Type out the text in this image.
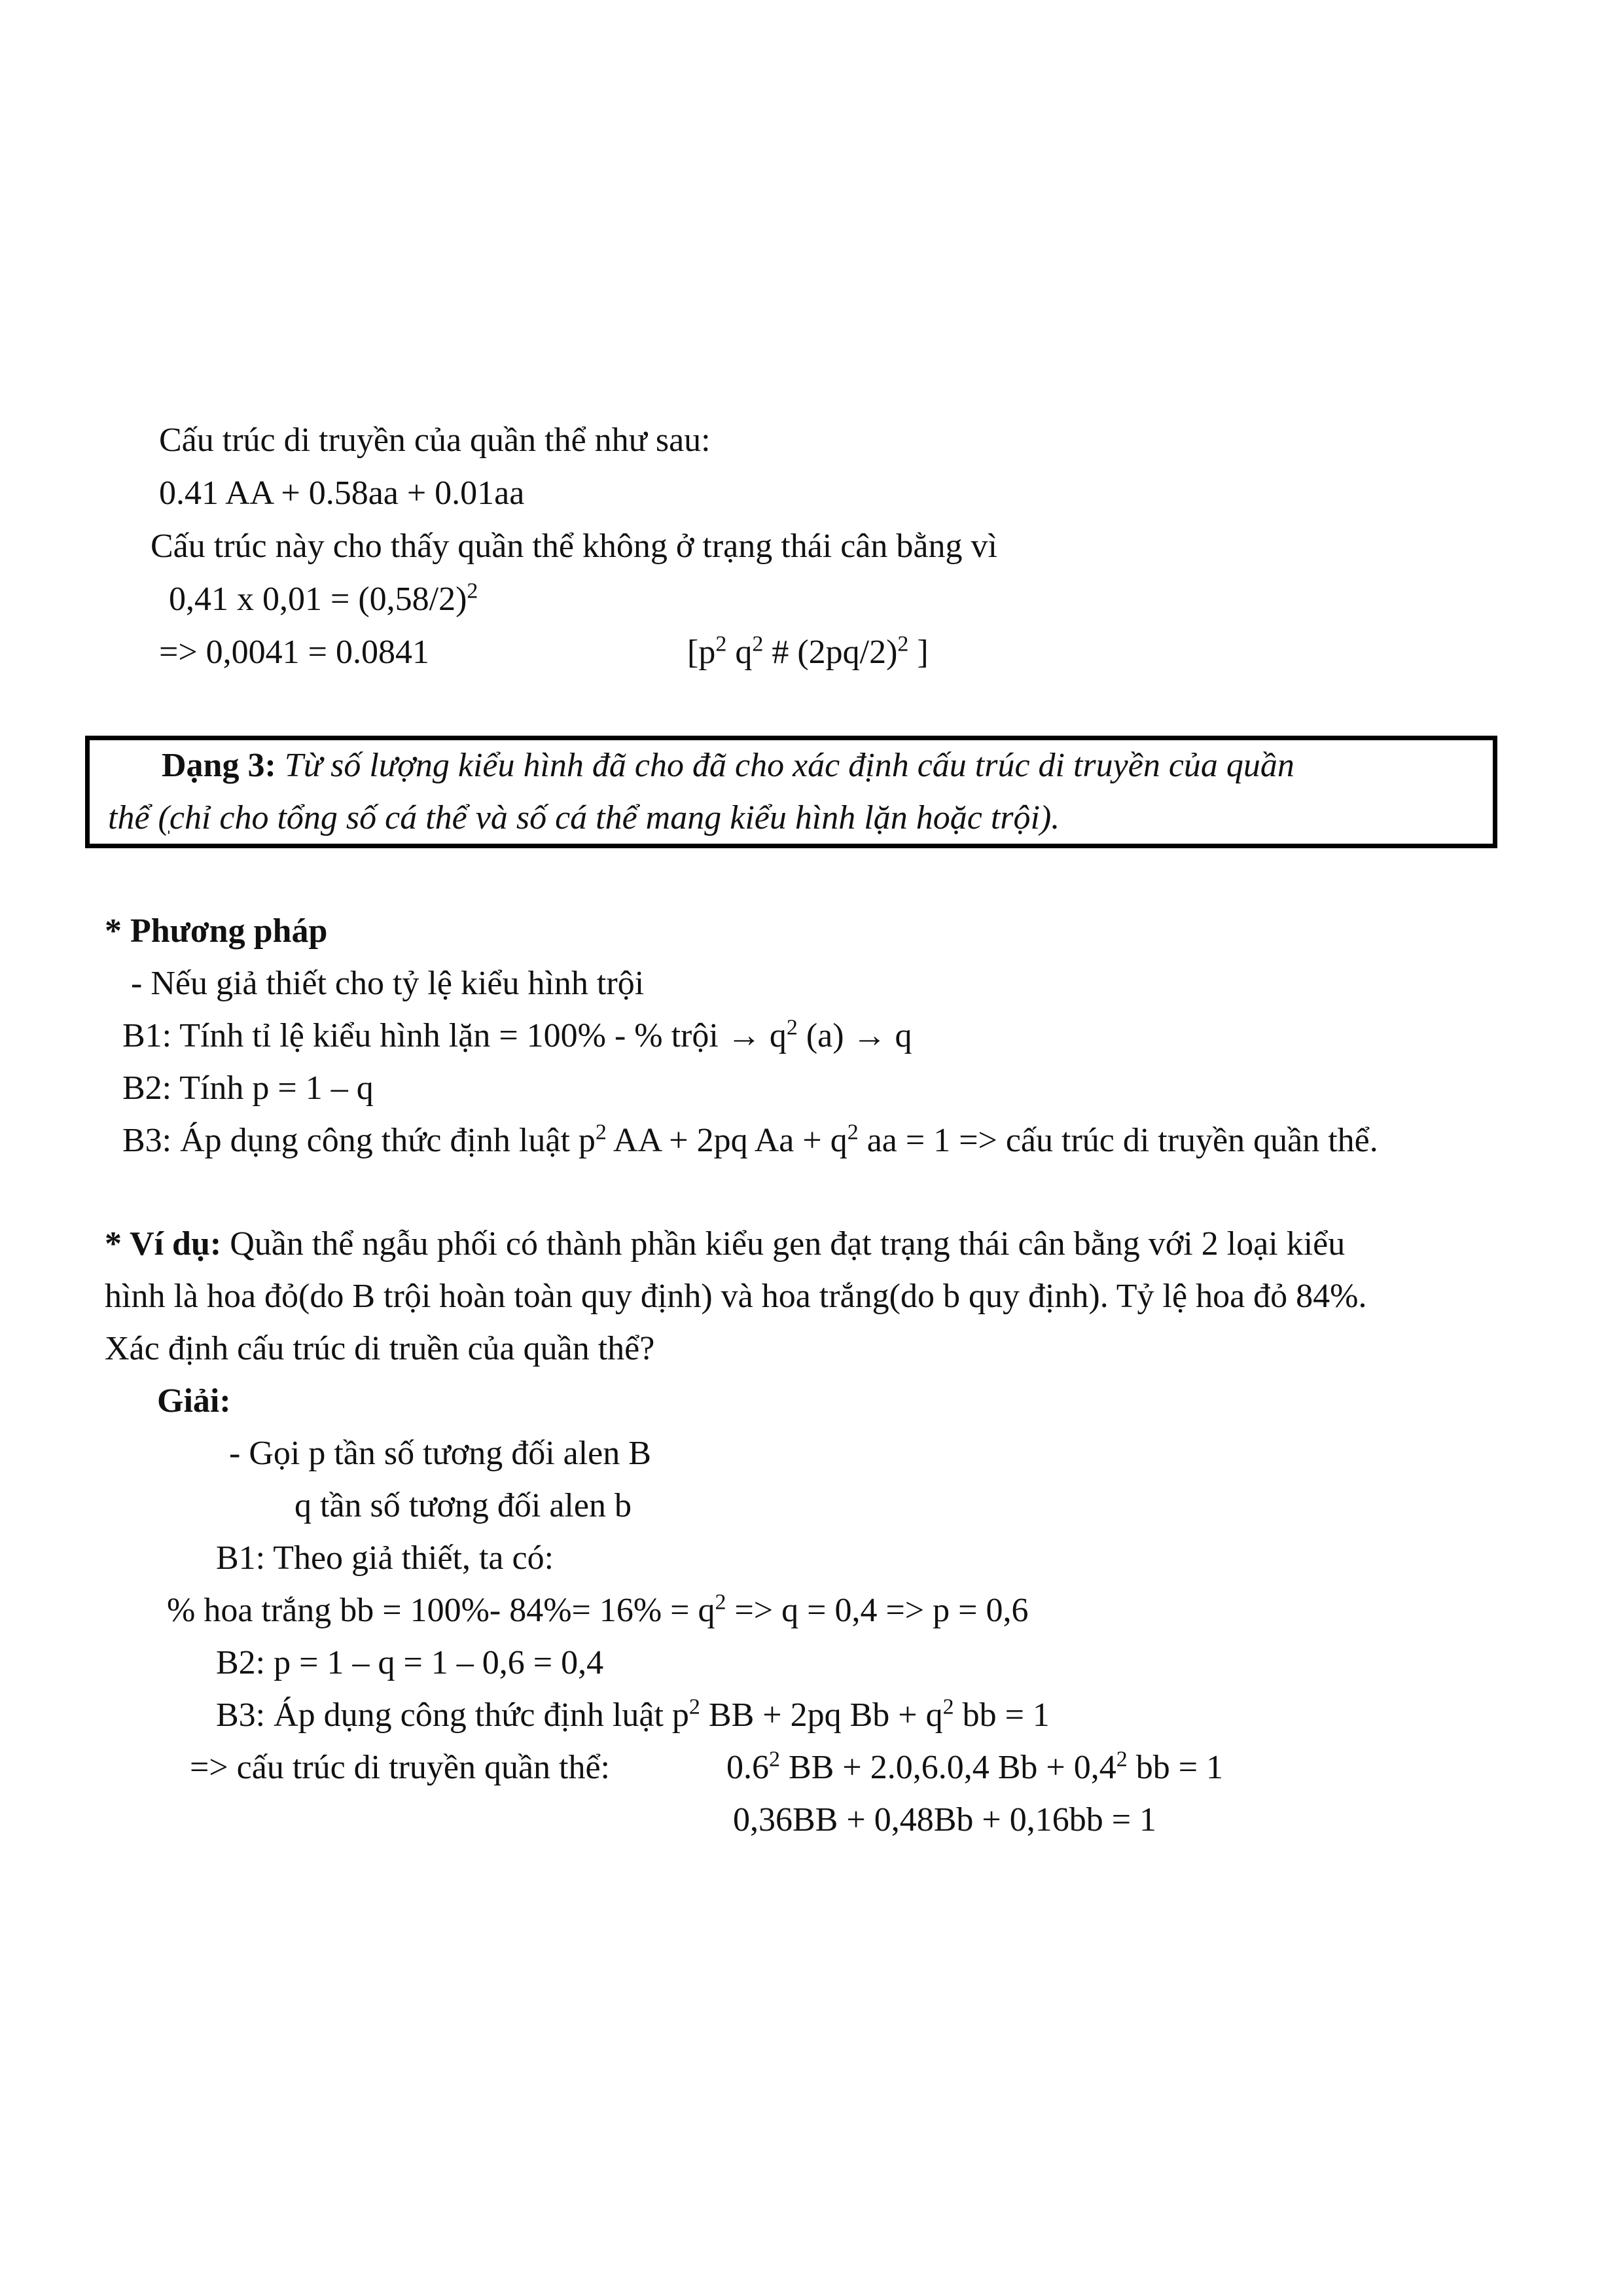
Cấu trúc di truyền của quần thể như sau:
0.41 AA + 0.58aa + 0.01aa
Cấu trúc này cho thấy quần thể không ở trạng thái cân bằng vì
0,41 x $0,01 = (0,58/2)^2$
=> 0,0041 = 0.0841	[$p^2$ $q^2$ # $(2pq/2)^2$ ]
Dạng 3: Từ số lượng kiểu hình đã cho đã cho xác định cấu trúc di truyền của quần
thể (chỉ cho tổng số cá thể và số cá thể mang kiểu hình lặn hoặc trội).
* Phương pháp
- Nếu giả thiết cho tỷ lệ kiểu hình trội
B1: Tính tỉ lệ kiểu hình lặn = 100% - % trội → $q^2$ (a) → q
B2: Tính p = 1 – q
B3: Áp dụng công thức định luật $p^2$ AA + 2pq $Aa + q^2$ aa = 1 => cấu trúc di truyền quần thể.
* Ví dụ: Quần thể ngẫu phối có thành phần kiểu gen đạt trạng thái cân bằng với 2 loại kiểu
hình là hoa đỏ(do B trội hoàn toàn quy định) và hoa trắng(do b quy định). Tỷ lệ hoa đỏ 84%.
Xác định cấu trúc di truền của quần thể?
Giải:
- Gọi p tần số tương đối alen B
q tần số tương đối alen b
B1: Theo giả thiết, ta có:
% hoa trắng bb = 100%- $84\%= 16\% = q^2 => q = 0,4 => p = 0,6$
B2: p = 1 – q = 1 – 0,6 = 0,4
B3: Áp dụng công thức định luật $p^2$ BB + 2pq $Bb + q^2$ bb = 1
=> cấu trúc di truyền quần thể:	$0.6^2$ BB + 2.0,6.0,4 $Bb + 0,4^2$ bb = 1
0,36BB + 0,48Bb + 0,16bb = 1
